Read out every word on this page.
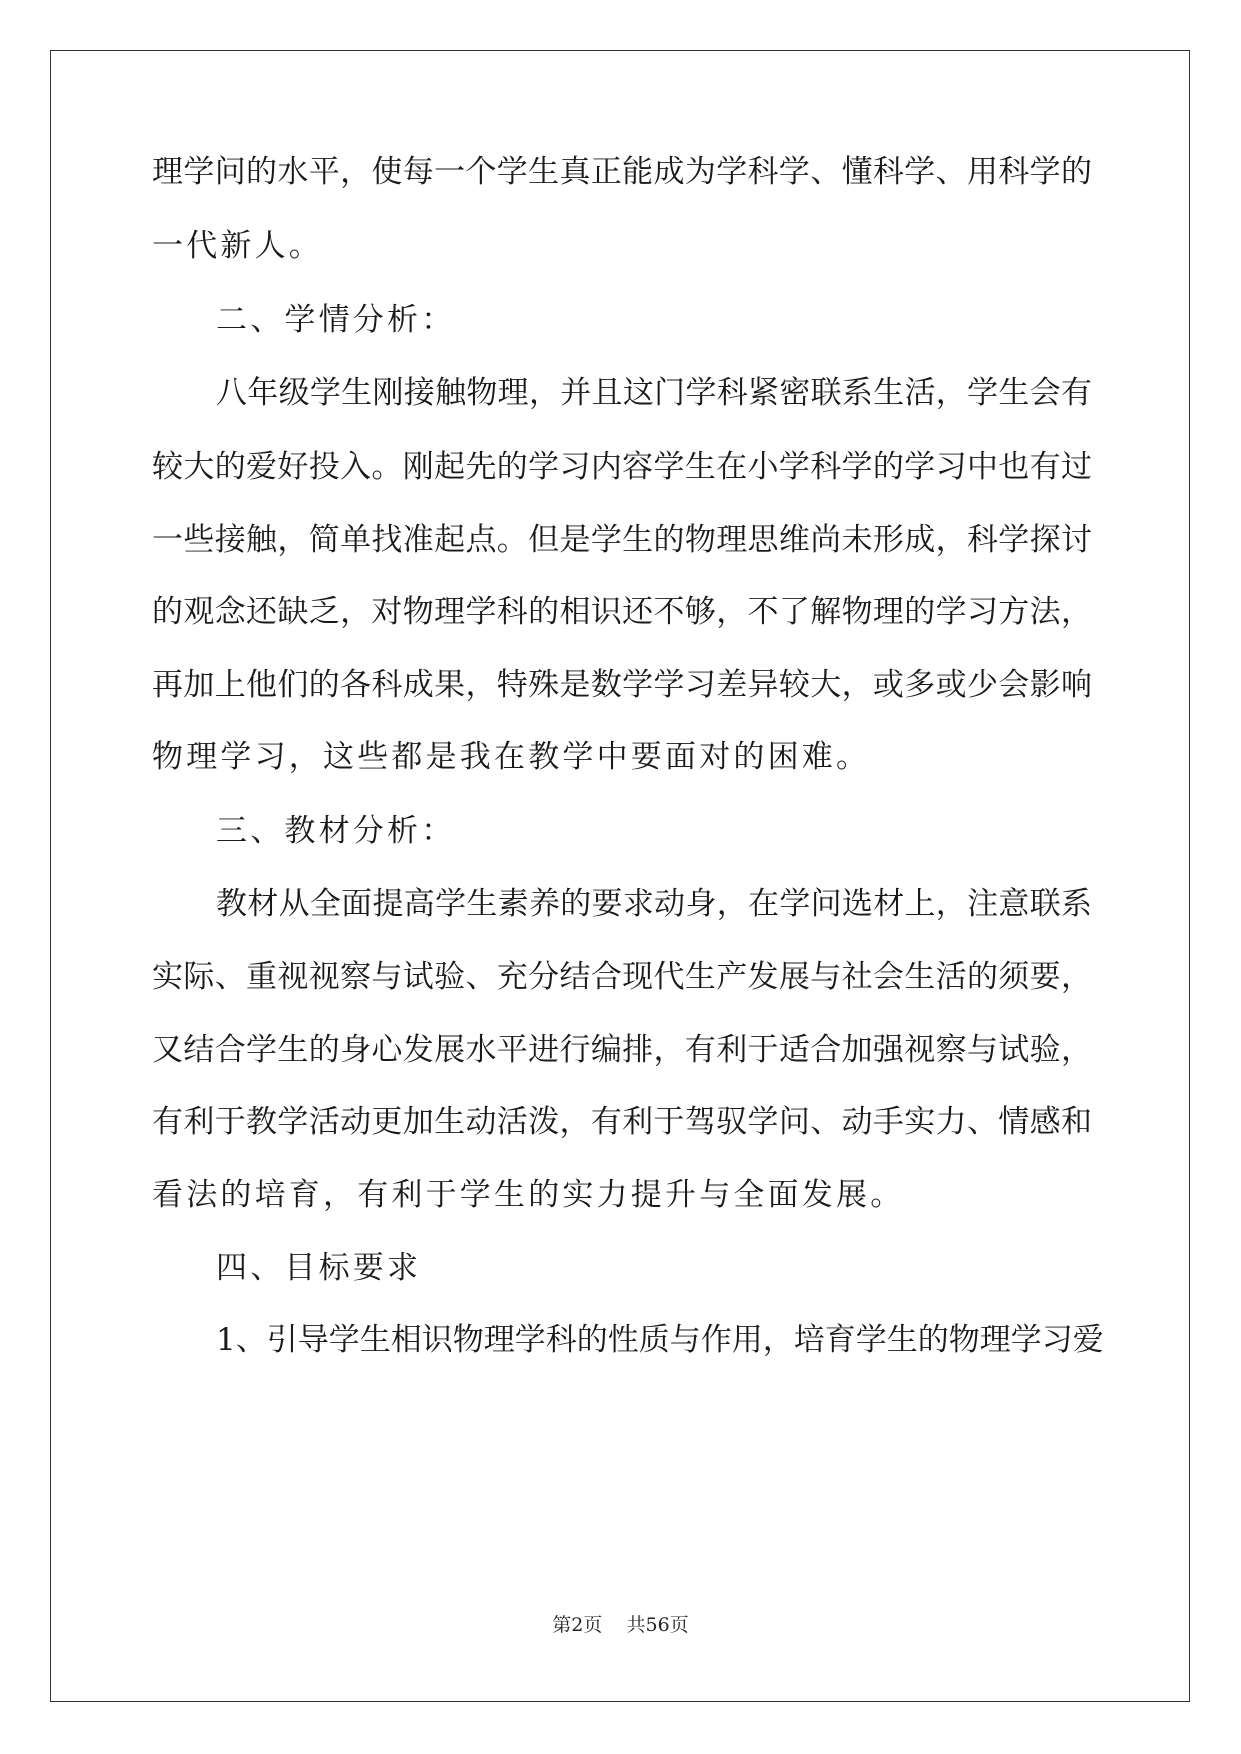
理学问的水平，使每一个学生真正能成为学科学、懂科学、用科学的
一代新人。
二、学情分析：
八年级学生刚接触物理，并且这门学科紧密联系生活，学生会有
较大的爱好投入。刚起先的学习内容学生在小学科学的学习中也有过
一些接触，简单找准起点。但是学生的物理思维尚未形成，科学探讨
的观念还缺乏，对物理学科的相识还不够，不了解物理的学习方法，
再加上他们的各科成果，特殊是数学学习差异较大，或多或少会影响
物理学习，这些都是我在教学中要面对的困难。
三、教材分析：
教材从全面提高学生素养的要求动身，在学问选材上，注意联系
实际、重视视察与试验、充分结合现代生产发展与社会生活的须要，
又结合学生的身心发展水平进行编排，有利于适合加强视察与试验，
有利于教学活动更加生动活泼，有利于驾驭学问、动手实力、情感和
看法的培育，有利于学生的实力提升与全面发展。
四、目标要求
1、引导学生相识物理学科的性质与作用，培育学生的物理学习爱
第2页 共56页
